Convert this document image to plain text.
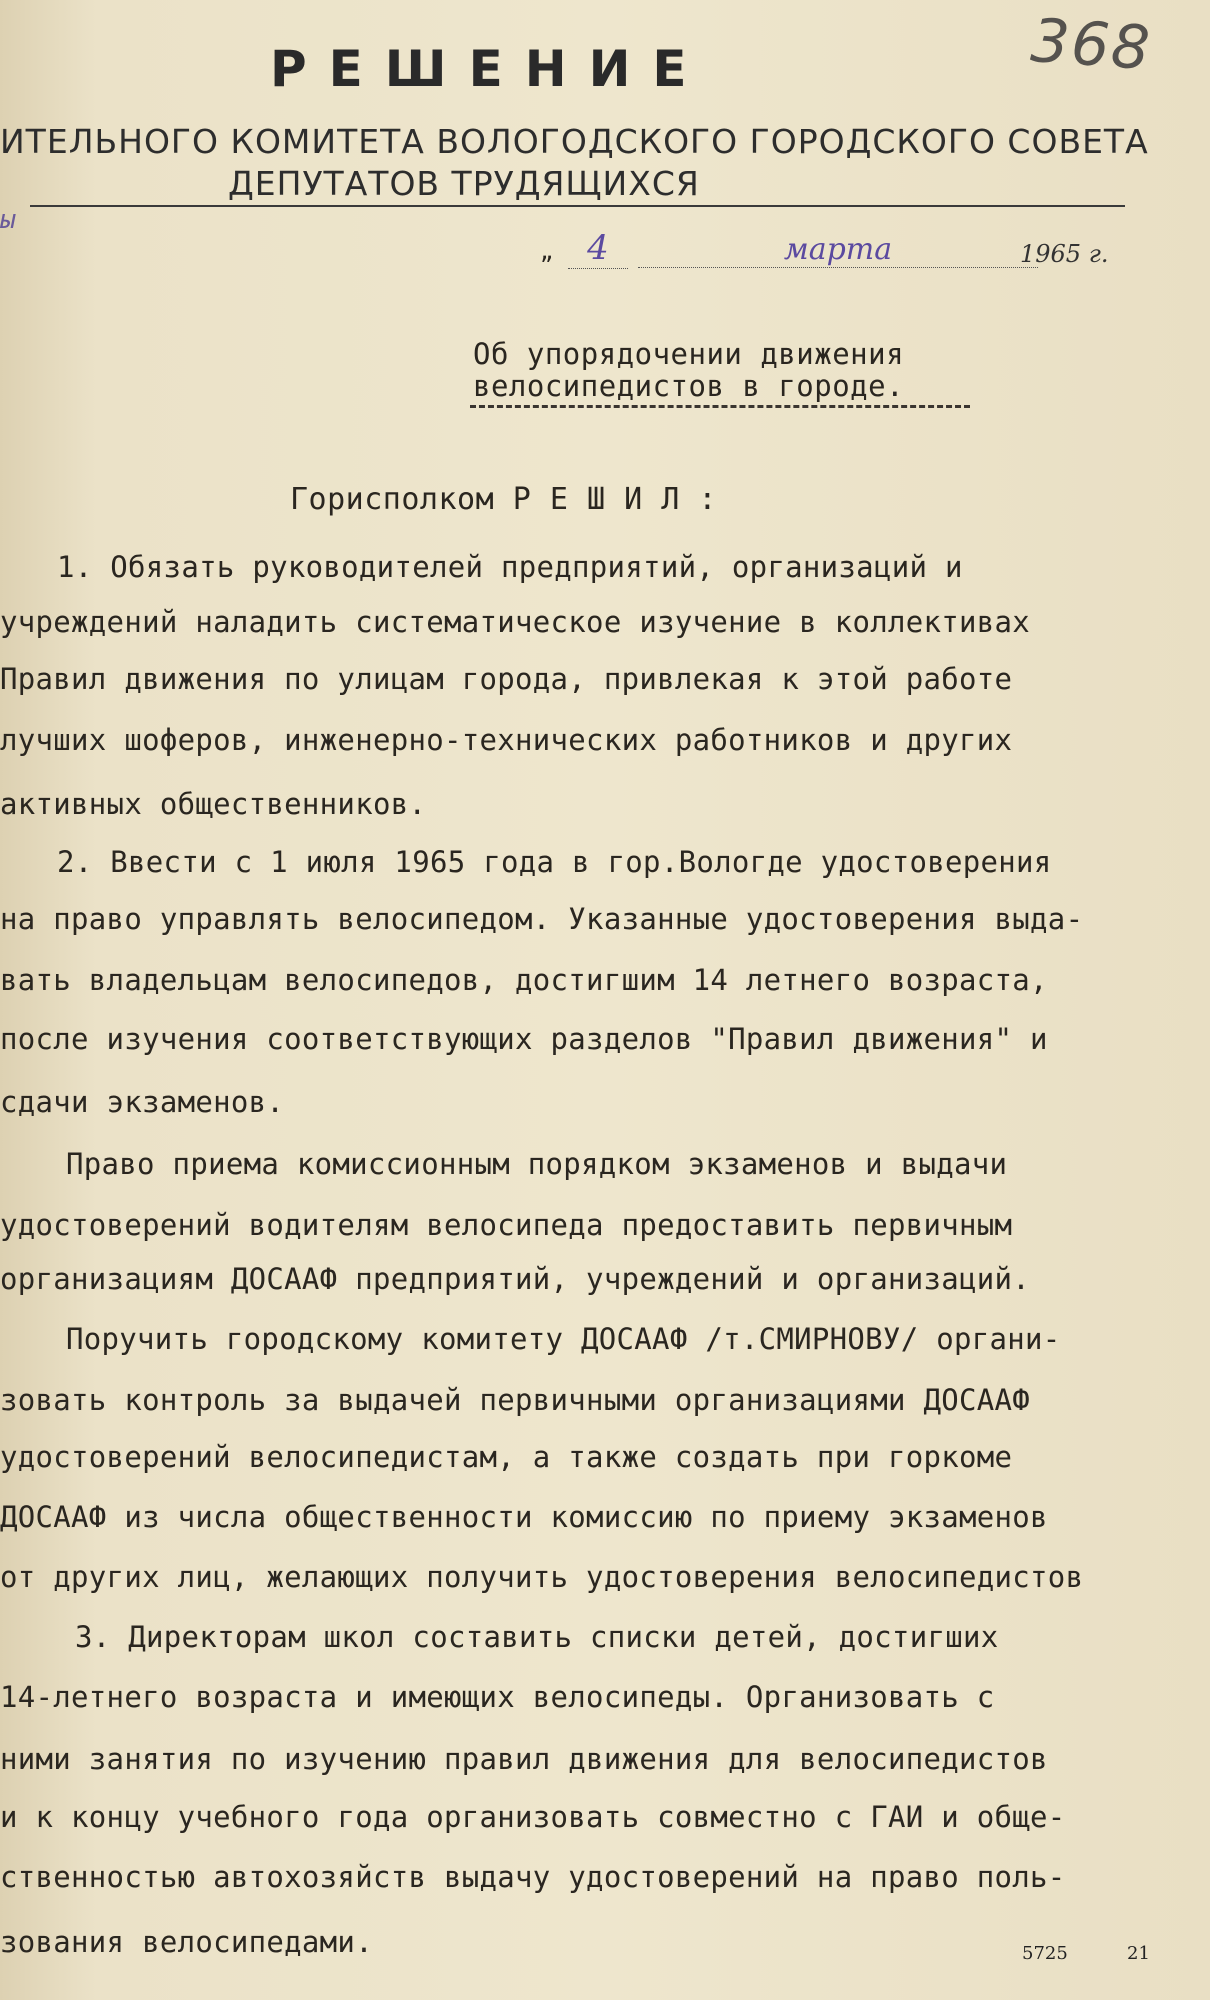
368
РЕШЕНИЕ
ИТЕЛЬНОГО КОМИТЕТА ВОЛОГОДСКОГО ГОРОДСКОГО СОВЕТА
ДЕПУТАТОВ ТРУДЯЩИХСЯ
ы
„ 4	марта	1965 г.
Об упорядочении движения
велосипедистов в городе.
Горисполком Р Е Ш И Л :
1. Обязать руководителей предприятий, организаций и
учреждений наладить систематическое изучение в коллективах
Правил движения по улицам города, привлекая к этой работе
лучших шоферов, инженерно-технических работников и других
активных общественников.
2. Ввести с 1 июля 1965 года в гор.Вологде удостоверения
на право управлять велосипедом. Указанные удостоверения выда-
вать владельцам велосипедов, достигшим 14 летнего возраста,
после изучения соответствующих разделов "Правил движения" и
сдачи экзаменов.
Право приема комиссионным порядком экзаменов и выдачи
удостоверений водителям велосипеда предоставить первичным
организациям ДОСААФ предприятий, учреждений и организаций.
Поручить городскому комитету ДОСААФ /т.СМИРНОВУ/ органи-
зовать контроль за выдачей первичными организациями ДОСААФ
удостоверений велосипедистам, а также создать при горкоме
ДОСААФ из числа общественности комиссию по приему экзаменов
от других лиц, желающих получить удостоверения велосипедистов
3. Директорам школ составить списки детей, достигших
14-летнего возраста и имеющих велосипеды. Организовать с
ними занятия по изучению правил движения для велосипедистов
и к концу учебного года организовать совместно с ГАИ и обще-
ственностью автохозяйств выдачу удостоверений на право поль-
зования велосипедами.	5725	21
